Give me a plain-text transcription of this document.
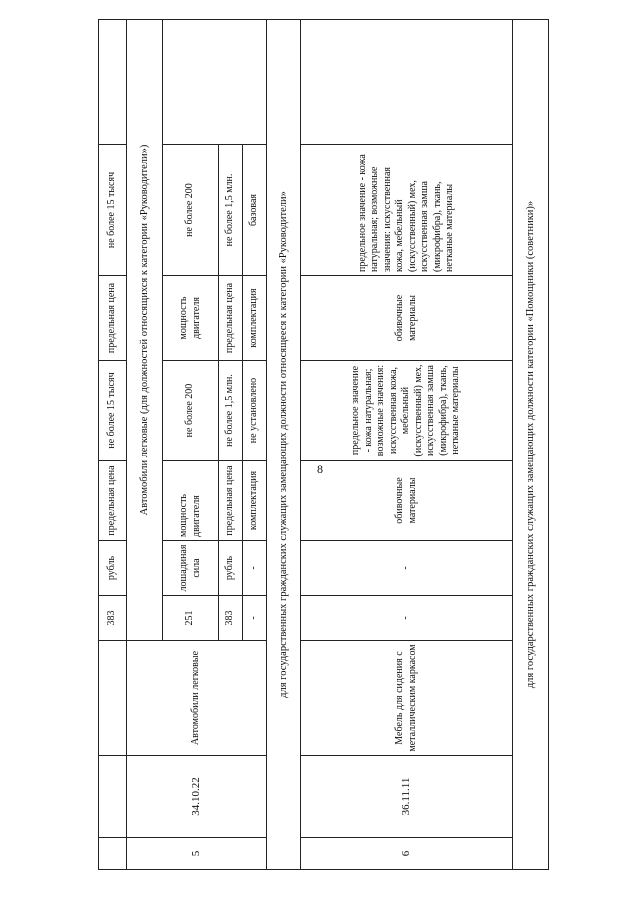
8
			383	рубль	предельная цена	не более 15 тысяч	предельная цена	не более 15 тысяч	
5	34.10.22	Автомобили легковые	Автомобили легковые (для должностей относящихся к категории «Руководители»)						
			251	лошадиная сила	мощность двигателя	не более 200	мощность двигателя	не более 200	
			383	рубль	предельная цена	не более 1,5 млн.	предельная цена	не более 1,5 млн.	
			-	-	комплектация	не установлено	комплектация	базовая	
для государственных гражданских служащих замещающих должности относящееся к категории «Руководители»									
6	36.11.11	Мебель для сидения с металлическим каркасом	-	-	обивочные материалы	предельное значение - кожа натуральная; возможные значения: искусственная кожа, мебельный (искусственный) мех, искусственная замша (микрофибра), ткань, нетканые материалы	обивочные материалы	предельное значение - кожа натуральная; возможные значения: искусственная кожа, мебельный (искусственный) мех, искусственная замша (микрофибра), ткань, нетканые материалы	
для государственных гражданских служащих замещающих должности категории «Помощники (советники)»									
